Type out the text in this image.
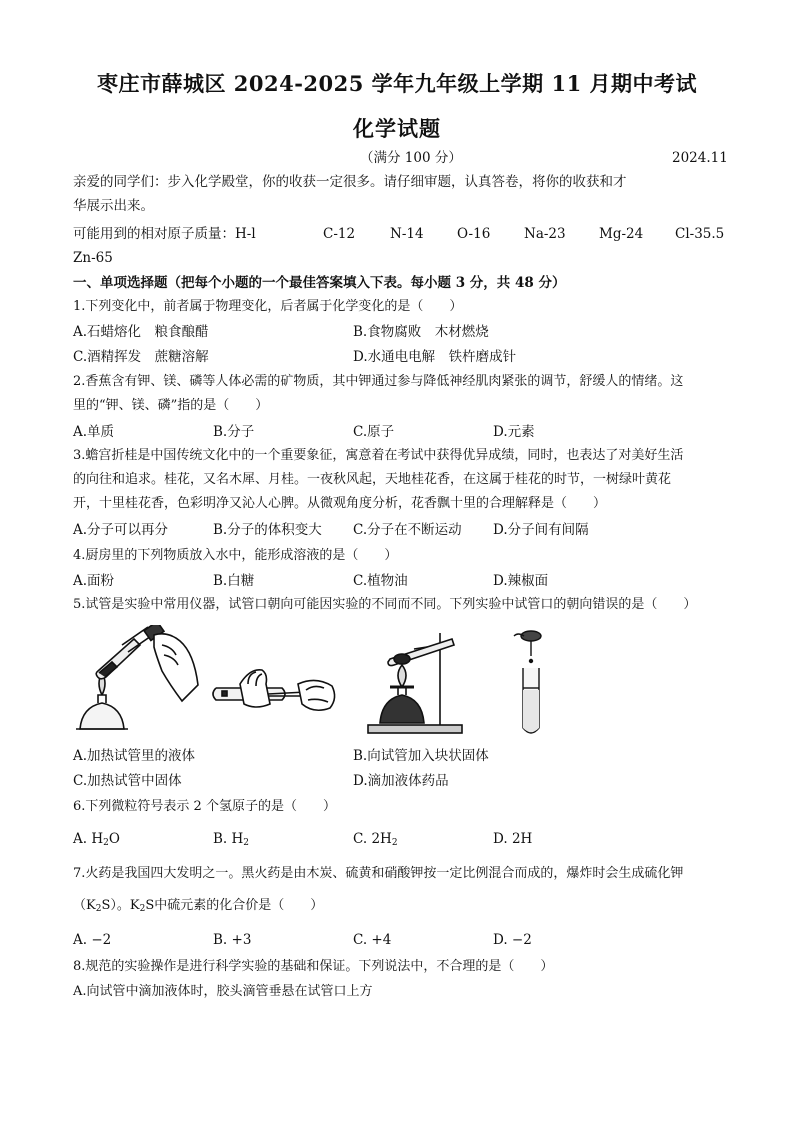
枣庄市薛城区 2024-2025 学年九年级上学期 11 月期中考试
化学试题
（满分 100 分）	2024.11
亲爱的同学们：步入化学殿堂，你的收获一定很多。请仔细审题，认真答卷，将你的收获和才
华展示出来。
可能用到的相对原子质量：H-l	C-12	N-14 O-16 Na-23 Mg-24 Cl-35.5
Zn-65
一、单项选择题（把每个小题的一个最佳答案填入下表。每小题 3 分，共 48 分）
1.下列变化中，前者属于物理变化，后者属于化学变化的是（　　）
A.石蜡熔化　粮食酿醋	B.食物腐败　木材燃烧
C.酒精挥发　蔗糖溶解	D.水通电电解　铁杵磨成针
2.香蕉含有钾、镁、磷等人体必需的矿物质，其中钾通过参与降低神经肌肉紧张的调节，舒缓人的情绪。这
里的“钾、镁、磷”指的是（　　）
A.单质	B.分子	C.原子	D.元素
3.蟾宫折桂是中国传统文化中的一个重要象征，寓意着在考试中获得优异成绩，同时，也表达了对美好生活
的向往和追求。桂花，又名木犀、月桂。一夜秋风起，天地桂花香，在这属于桂花的时节，一树绿叶黄花
开，十里桂花香，色彩明净又沁人心脾。从微观角度分析，花香飘十里的合理解释是（　　）
A.分子可以再分	B.分子的体积变大 C.分子在不断运动 D.分子间有间隔
4.厨房里的下列物质放入水中，能形成溶液的是（　　）
A.面粉	B.白糖	C.植物油	D.辣椒面
5.试管是实验中常用仪器，试管口朝向可能因实验的不同而不同。下列实验中试管口的朝向错误的是（　　）
A.加热试管里的液体	B.向试管加入块状固体
C.加热试管中固体	D.滴加液体药品
6.下列微粒符号表示 2 个氢原子的是（　　）
A. $H_2O$	B. $H_2$	C. $2H_2$	D. 2H
7.火药是我国四大发明之一。黑火药是由木炭、硫黄和硝酸钾按一定比例混合而成的，爆炸时会生成硫化钾
$(K_2S)$。$K_2S$中硫元素的化合价是（　　）
A. −2	B. +3	C. +4	D. −2
8.规范的实验操作是进行科学实验的基础和保证。下列说法中，不合理的是（　　）
A.向试管中滴加液体时，胶头滴管垂悬在试管口上方
